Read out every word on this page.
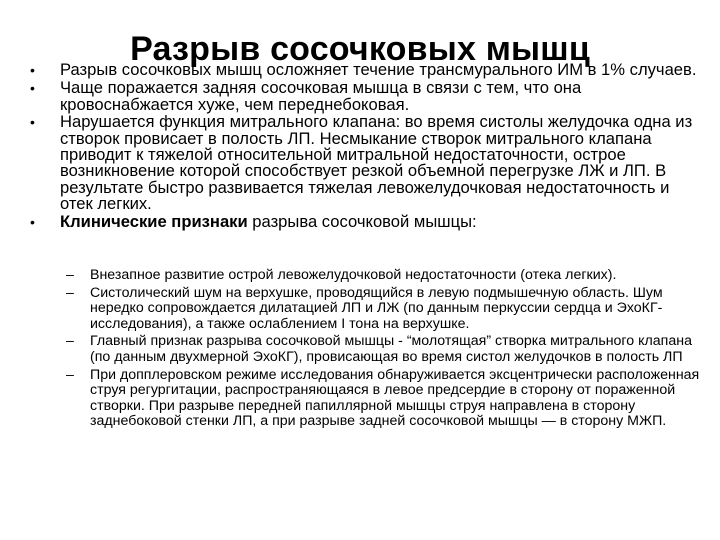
Разрыв сосочковых мышц
•	Разрыв сосочковых мышц осложняет течение трансмурального ИМ в 1% случаев.
•	Чаще поражается задняя сосочковая мышца в связи с тем, что она кровоснабжается хуже, чем переднебоковая.
•	Нарушается функция митрального клапана: во время систолы желудочка одна из створок провисает в полость ЛП. Несмыкание створок митрального клапана приводит к тяжелой относительной митральной недостаточности, острое возникновение которой способствует резкой объемной перегрузке ЛЖ и ЛП. В результате быстро развивается тяжелая левожелудочковая недостаточность и отек легких.
•	Клинические признаки разрыва сосочковой мышцы:
–	Внезапное развитие острой левожелудочковой недостаточности (отека легких).
–	Систолический шум на верхушке, проводящийся в левую подмышечную область. Шум нередко сопровождается дилатацией ЛП и ЛЖ (по данным перкуссии сердца и ЭхоКГ-исследования), а также ослаблением I тона на верхушке.
–	Главный признак разрыва сосочковой мышцы - “молотящая” створка митрального клапана (по данным двухмерной ЭхоКГ), провисающая во время систол желудочков в полость ЛП
–	При допплеровском режиме исследования обнаруживается эксцентрически расположенная струя регургитации, распространяющаяся в левое предсердие в сторону от пораженной створки. При разрыве передней папиллярной мышцы струя направлена в сторону заднебоковой стенки ЛП, а при разрыве задней сосочковой мышцы — в сторону МЖП.
